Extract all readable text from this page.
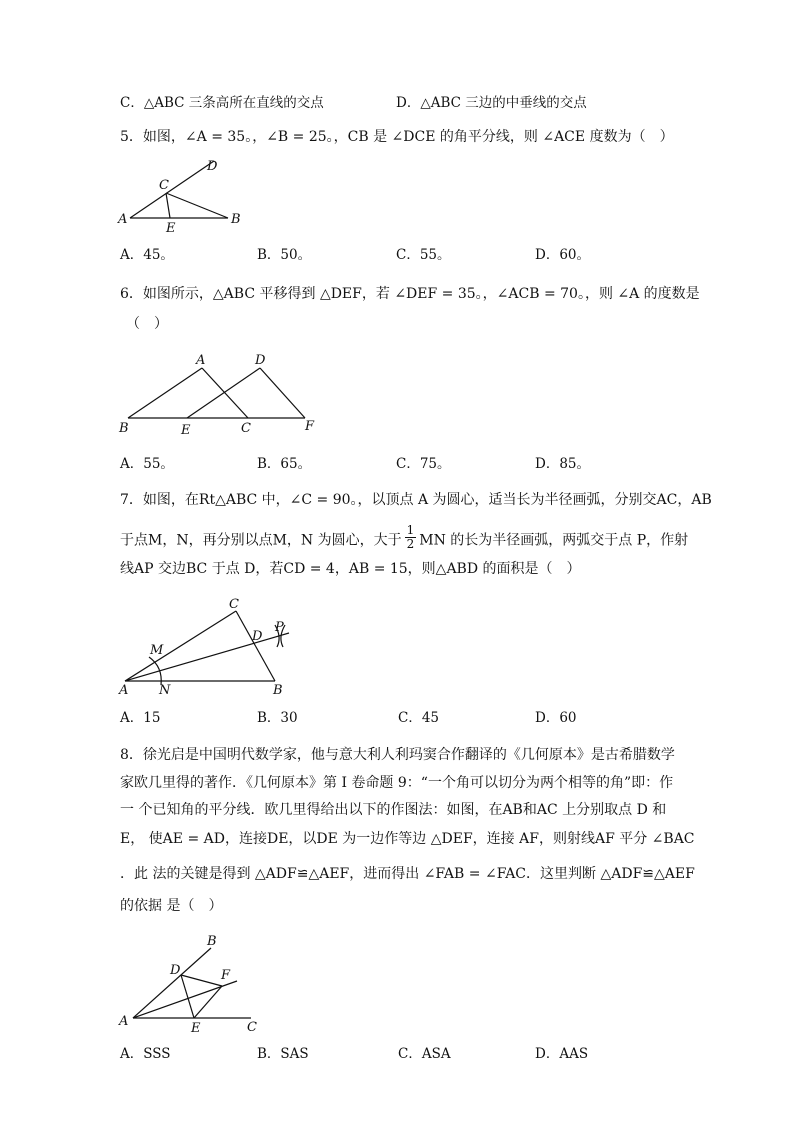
C．△ABC 三条高所在直线的交点	D．△ABC 三边的中垂线的交点
5．如图，∠A = 35。，∠B = 25。，CB 是 ∠DCE 的角平分线，则 ∠ACE 度数为（　）
D
C
A
E
B
A．45。	B．50。	C．55。	D．60。
6．如图所示，△ABC 平移得到 △DEF，若 ∠DEF = 35。，∠ACB = 70。，则 ∠A 的度数是
（　）
A	D
B	E	C	F
A．55。	B．65。	C．75。	D．85。
7．如图，在Rt△ABC 中，∠C = 90。，以顶点 A 为圆心，适当长为半径画弧，分别交AC，AB
于点M，N，再分别以点M，N 为圆心，大于 $\frac{1}{2}$ MN 的长为半径画弧，两弧交于点 P，作射
线AP 交边BC 于点 D，若CD = 4，AB = 15，则△ABD 的面积是（　）
C
D
P
M
A N	B
A．15	B．30	C．45	D．60
8．徐光启是中国明代数学家，他与意大利人利玛窦合作翻译的《几何原本》是古希腊数学
家欧几里得的著作．《几何原本》第 I 卷命题 9：“一个角可以切分为两个相等的角”即：作
一 个已知角的平分线．欧几里得给出以下的作图法：如图，在AB和AC 上分别取点 D 和
E， 使AE = AD，连接DE，以DE 为一边作等边 △DEF，连接 AF，则射线AF 平分 ∠BAC
．此 法的关键是得到 △ADF≌△AEF，进而得出 ∠FAB = ∠FAC．这里判断 △ADF≌△AEF
的依据 是（　）
B
D	F
A	E	C
A．SSS	B．SAS	C．ASA	D．AAS
